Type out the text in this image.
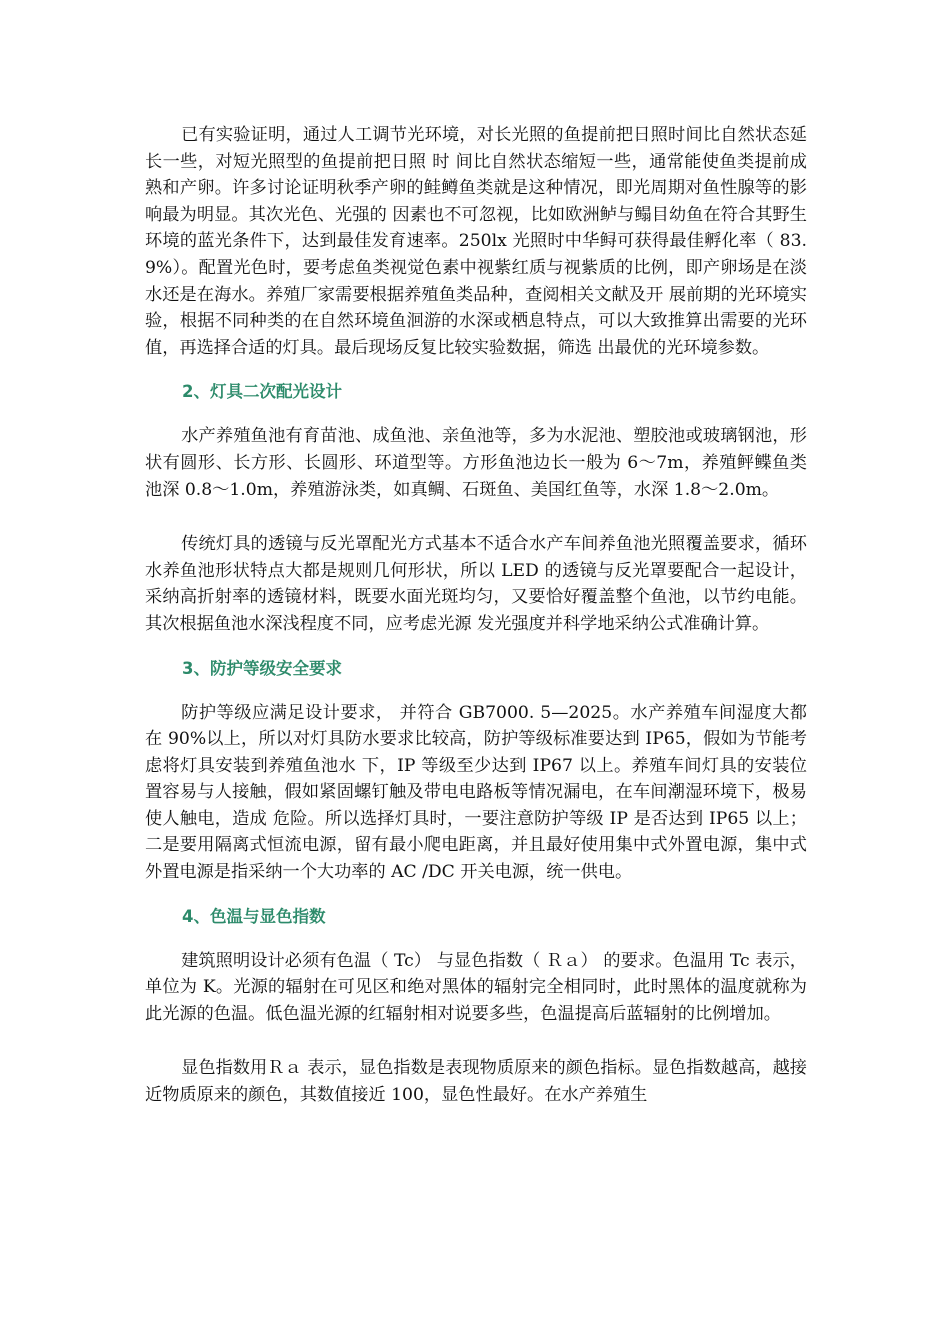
已有实验证明，通过人工调节光环境，对长光照的鱼提前把日照时间比自然状态延长一些，对短光照型的鱼提前把日照 时 间比自然状态缩短一些，通常能使鱼类提前成熟和产卵。许多讨论证明秋季产卵的鲑鳟鱼类就是这种情况，即光周期对鱼性腺等的影响最为明显。其次光色、光强的 因素也不可忽视，比如欧洲鲈与鳎目幼鱼在符合其野生环境的蓝光条件下，达到最佳发育速率。250lx 光照时中华鲟可获得最佳孵化率（ 83.9%）。配置光色时，要考虑鱼类视觉色素中视紫红质与视紫质的比例，即产卵场是在淡水还是在海水。养殖厂家需要根据养殖鱼类品种，查阅相关文献及开 展前期的光环境实验，根据不同种类的在自然环境鱼洄游的水深或栖息特点，可以大致推算出需要的光环值，再选择合适的灯具。最后现场反复比较实验数据，筛选 出最优的光环境参数。

2、灯具二次配光设计

水产养殖鱼池有育苗池、成鱼池、亲鱼池等，多为水泥池、塑胶池或玻璃钢池，形状有圆形、长方形、长圆形、环道型等。方形鱼池边长一般为 6～7m，养殖鲆鲽鱼类池深 0.8～1.0m，养殖游泳类，如真鲷、石斑鱼、美国红鱼等，水深 1.8～2.0m。

传统灯具的透镜与反光罩配光方式基本不适合水产车间养鱼池光照覆盖要求，循环水养鱼池形状特点大都是规则几何形状，所以 LED 的透镜与反光罩要配合一起设计，采纳高折射率的透镜材料，既要水面光斑均匀，又要恰好覆盖整个鱼池，以节约电能。其次根据鱼池水深浅程度不同，应考虑光源 发光强度并科学地采纳公式准确计算。

3、防护等级安全要求

防护等级应满足设计要求， 并符合 GB7000. 5—2025。水产养殖车间湿度大都在 90%以上，所以对灯具防水要求比较高，防护等级标准要达到 IP65，假如为节能考虑将灯具安装到养殖鱼池水 下，IP 等级至少达到 IP67 以上。养殖车间灯具的安装位置容易与人接触，假如紧固螺钉触及带电电路板等情况漏电，在车间潮湿环境下，极易使人触电，造成 危险。所以选择灯具时，一要注意防护等级 IP 是否达到 IP65 以上； 二是要用隔离式恒流电源，留有最小爬电距离，并且最好使用集中式外置电源，集中式外置电源是指采纳一个大功率的 AC /DC 开关电源，统一供电。

4、色温与显色指数

建筑照明设计必须有色温（ Tc） 与显色指数（ Ｒａ） 的要求。色温用 Tc 表示，单位为 K。光源的辐射在可见区和绝对黑体的辐射完全相同时，此时黑体的温度就称为此光源的色温。低色温光源的红辐射相对说要多些，色温提高后蓝辐射的比例增加。

显色指数用Ｒａ 表示，显色指数是表现物质原来的颜色指标。显色指数越高，越接近物质原来的颜色，其数值接近 100，显色性最好。在水产养殖生
